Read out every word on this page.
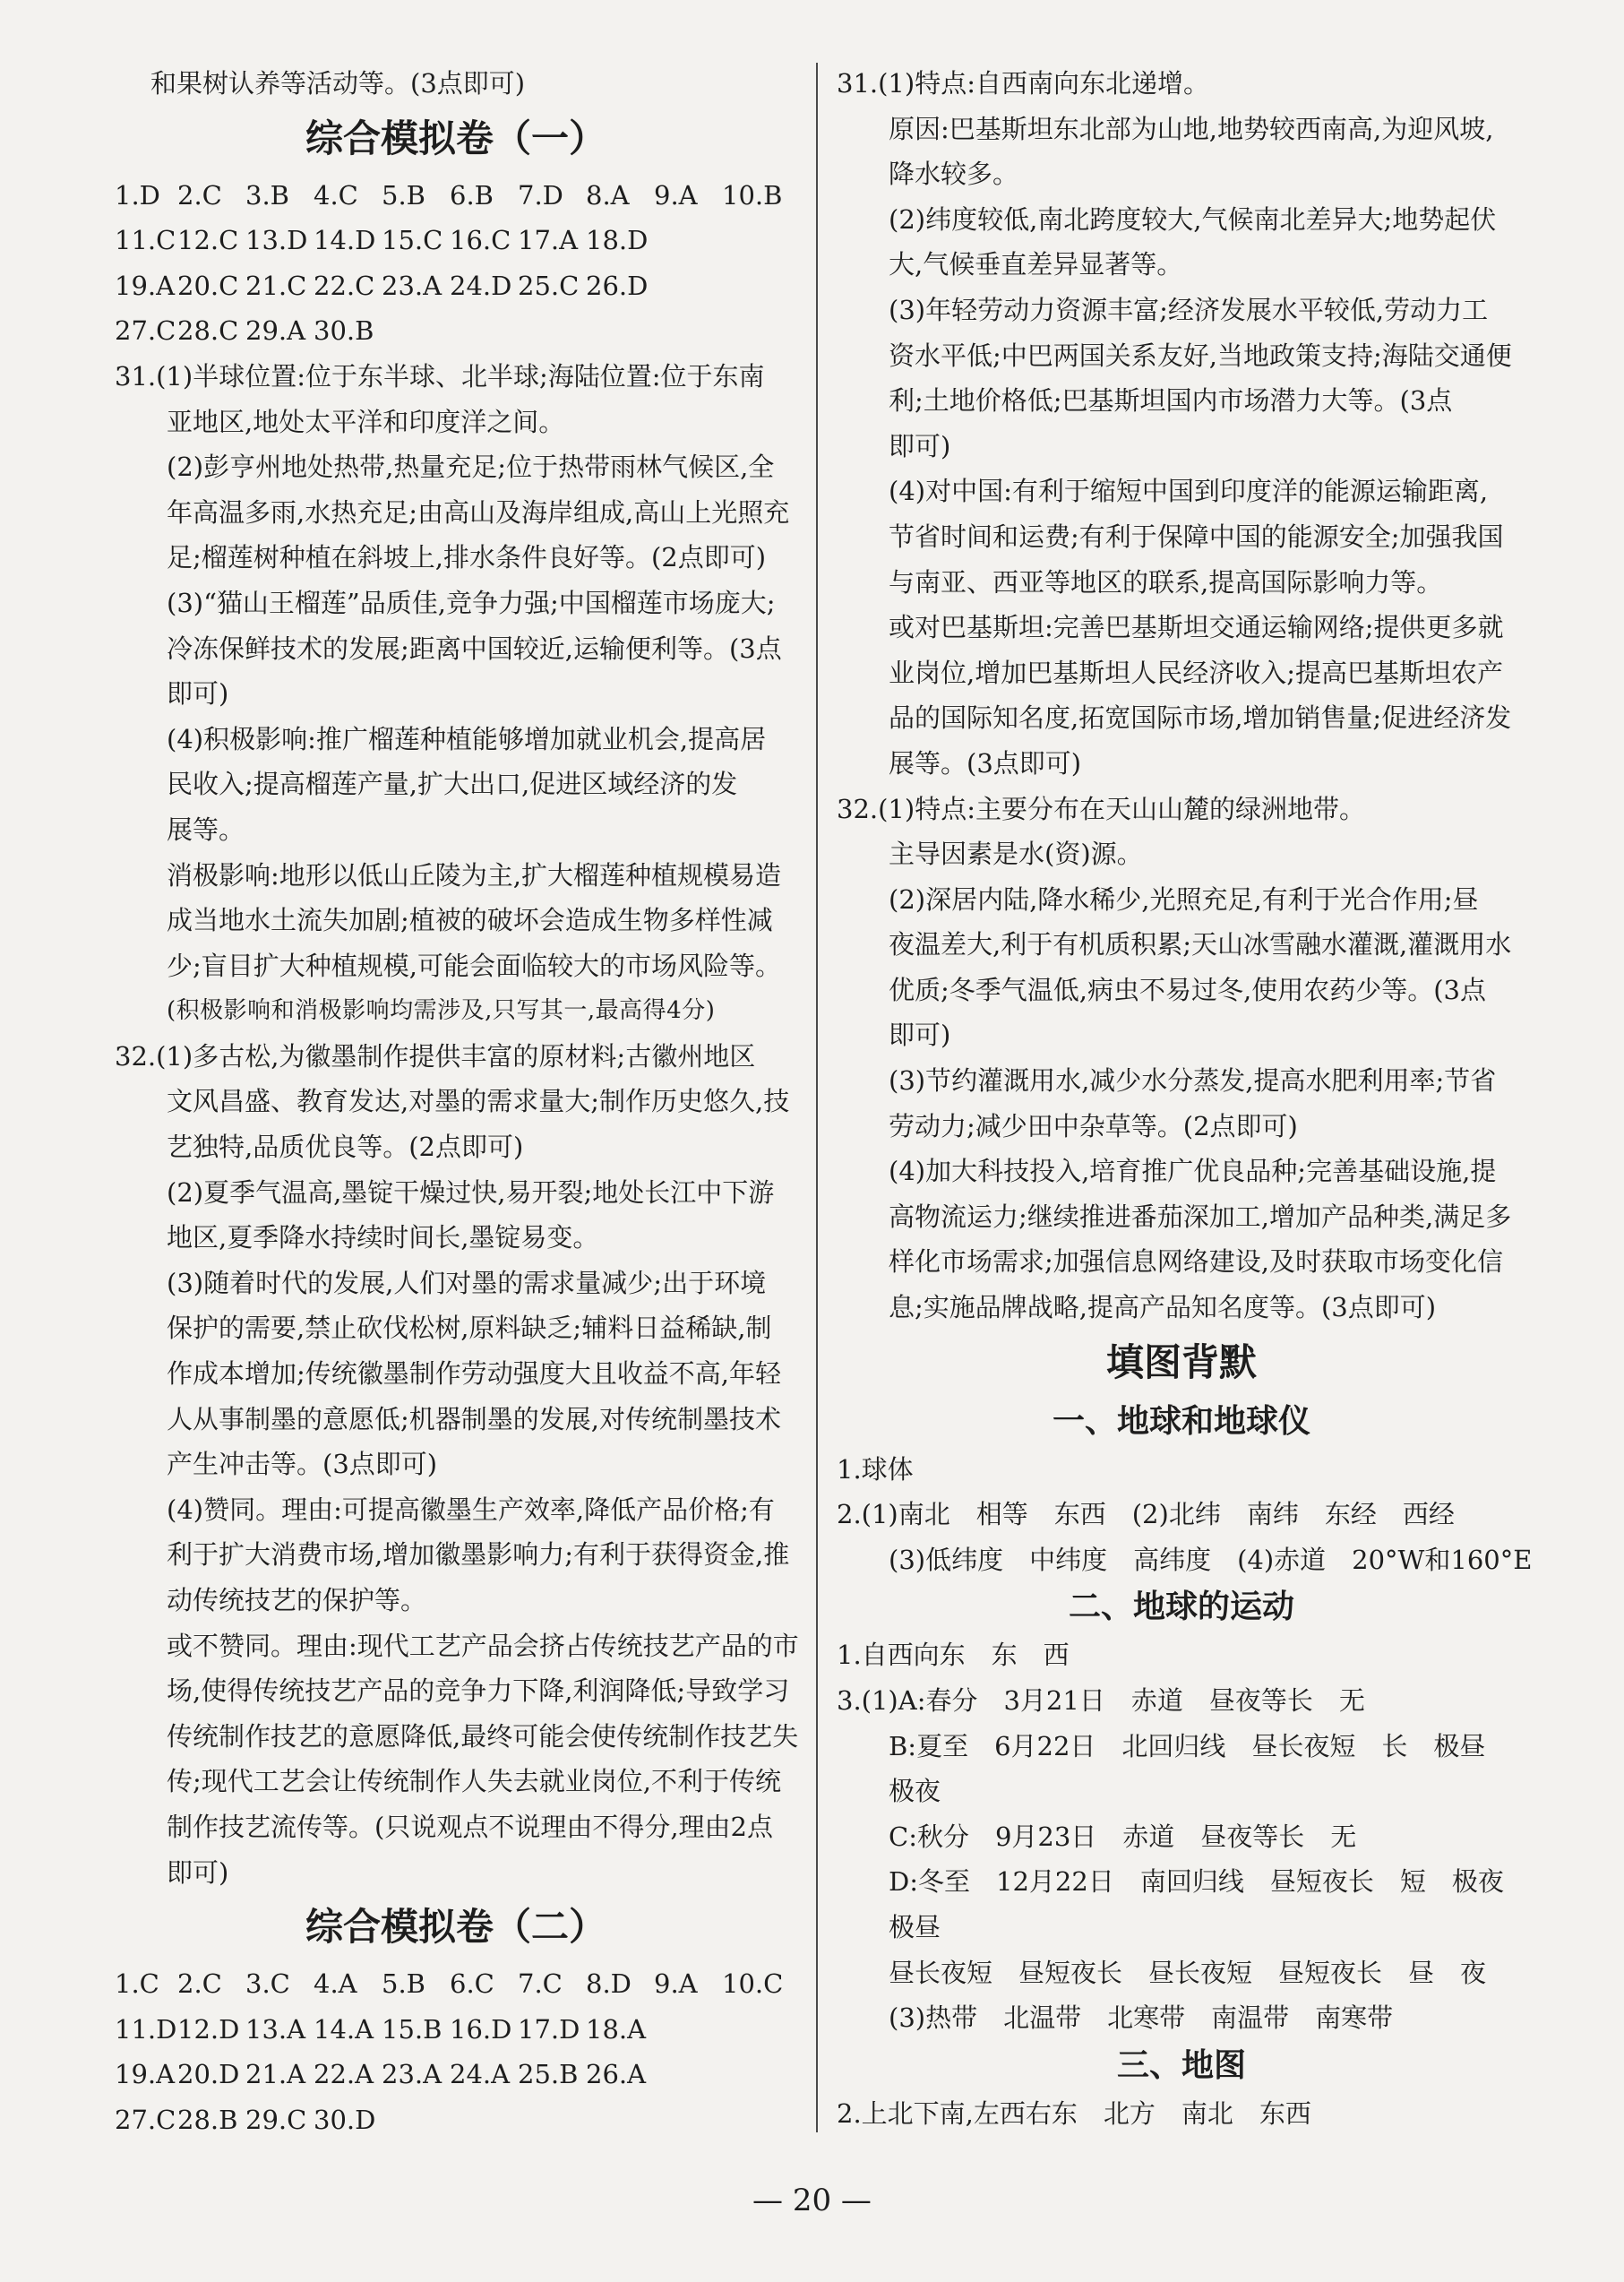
和果树认养等活动等。(3点即可)

综合模拟卷（一）

1.D 2.C 3.B 4.C 5.B 6.B 7.D 8.A 9.A 10.B
11.C12.C 13.D 14.D 15.C 16.C 17.A 18.D
19.A 20.C 21.C 22.C 23.A 24.D 25.C 26.D
27.C28.C 29.A 30.B

31.(1)半球位置:位于东半球、北半球;海陆位置:位于东南

亚地区,地处太平洋和印度洋之间。

(2)彭亨州地处热带,热量充足;位于热带雨林气候区,全

年高温多雨,水热充足;由高山及海岸组成,高山上光照充

足;榴莲树种植在斜坡上,排水条件良好等。(2点即可)

(3)“猫山王榴莲”品质佳,竞争力强;中国榴莲市场庞大;

冷冻保鲜技术的发展;距离中国较近,运输便利等。(3点

即可)

(4)积极影响:推广榴莲种植能够增加就业机会,提高居

民收入;提高榴莲产量,扩大出口,促进区域经济的发

展等。

消极影响:地形以低山丘陵为主,扩大榴莲种植规模易造

成当地水土流失加剧;植被的破坏会造成生物多样性减

少;盲目扩大种植规模,可能会面临较大的市场风险等。

(积极影响和消极影响均需涉及,只写其一,最高得4分)

32.(1)多古松,为徽墨制作提供丰富的原材料;古徽州地区

文风昌盛、教育发达,对墨的需求量大;制作历史悠久,技

艺独特,品质优良等。(2点即可)

(2)夏季气温高,墨锭干燥过快,易开裂;地处长江中下游

地区,夏季降水持续时间长,墨锭易变。

(3)随着时代的发展,人们对墨的需求量减少;出于环境

保护的需要,禁止砍伐松树,原料缺乏;辅料日益稀缺,制

作成本增加;传统徽墨制作劳动强度大且收益不高,年轻

人从事制墨的意愿低;机器制墨的发展,对传统制墨技术

产生冲击等。(3点即可)

(4)赞同。理由:可提高徽墨生产效率,降低产品价格;有

利于扩大消费市场,增加徽墨影响力;有利于获得资金,推

动传统技艺的保护等。

或不赞同。理由:现代工艺产品会挤占传统技艺产品的市

场,使得传统技艺产品的竞争力下降,利润降低;导致学习

传统制作技艺的意愿降低,最终可能会使传统制作技艺失

传;现代工艺会让传统制作人失去就业岗位,不利于传统

制作技艺流传等。(只说观点不说理由不得分,理由2点

即可)

综合模拟卷（二）

1.C 2.C 3.C 4.A 5.B 6.C 7.C 8.D 9.A 10.C
11.D12.D 13.A 14.A 15.B 16.D 17.D 18.A
19.A 20.D 21.A 22.A 23.A 24.A 25.B 26.A
27.C28.B 29.C 30.D

31.(1)特点:自西南向东北递增。

原因:巴基斯坦东北部为山地,地势较西南高,为迎风坡,

降水较多。

(2)纬度较低,南北跨度较大,气候南北差异大;地势起伏

大,气候垂直差异显著等。

(3)年轻劳动力资源丰富;经济发展水平较低,劳动力工

资水平低;中巴两国关系友好,当地政策支持;海陆交通便

利;土地价格低;巴基斯坦国内市场潜力大等。(3点

即可)

(4)对中国:有利于缩短中国到印度洋的能源运输距离,

节省时间和运费;有利于保障中国的能源安全;加强我国

与南亚、西亚等地区的联系,提高国际影响力等。

或对巴基斯坦:完善巴基斯坦交通运输网络;提供更多就

业岗位,增加巴基斯坦人民经济收入;提高巴基斯坦农产

品的国际知名度,拓宽国际市场,增加销售量;促进经济发

展等。(3点即可)

32.(1)特点:主要分布在天山山麓的绿洲地带。

主导因素是水(资)源。

(2)深居内陆,降水稀少,光照充足,有利于光合作用;昼

夜温差大,利于有机质积累;天山冰雪融水灌溉,灌溉用水

优质;冬季气温低,病虫不易过冬,使用农药少等。(3点

即可)

(3)节约灌溉用水,减少水分蒸发,提高水肥利用率;节省

劳动力;减少田中杂草等。(2点即可)

(4)加大科技投入,培育推广优良品种;完善基础设施,提

高物流运力;继续推进番茄深加工,增加产品种类,满足多

样化市场需求;加强信息网络建设,及时获取市场变化信

息;实施品牌战略,提高产品知名度等。(3点即可)

填图背默

一、地球和地球仪

1.球体

2.(1)南北　相等　东西　(2)北纬　南纬　东经　西经

(3)低纬度　中纬度　高纬度　(4)赤道　20°W和160°E

二、地球的运动

1.自西向东　东　西

3.(1)A:春分　3月21日　赤道　昼夜等长　无

B:夏至　6月22日　北回归线　昼长夜短　长　极昼

极夜

C:秋分　9月23日　赤道　昼夜等长　无

D:冬至　12月22日　南回归线　昼短夜长　短　极夜

极昼

昼长夜短　昼短夜长　昼长夜短　昼短夜长　昼　夜

(3)热带　北温带　北寒带　南温带　南寒带

三、地图

2.上北下南,左西右东　北方　南北　东西

— 20 —
